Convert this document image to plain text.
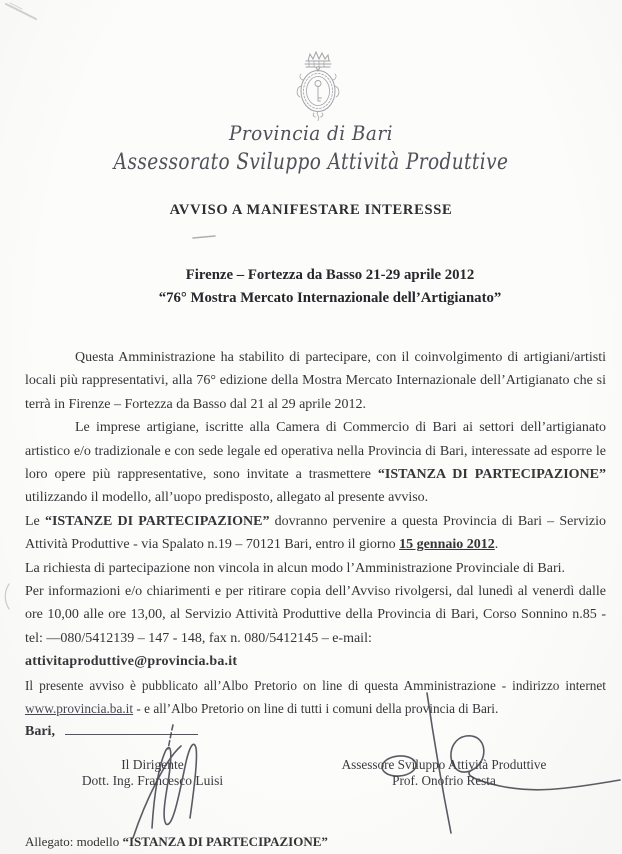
Provincia di Bari
Assessorato Sviluppo Attività Produttive
AVVISO A MANIFESTARE INTERESSE
Firenze – Fortezza da Basso 21-29 aprile 2012
“76° Mostra Mercato Internazionale dell’Artigianato”

Questa Amministrazione ha stabilito di partecipare, con il coinvolgimento di artigiani/artisti locali più rappresentativi, alla 76° edizione della Mostra Mercato Internazionale dell’Artigianato che si terrà in Firenze – Fortezza da Basso dal 21 al 29 aprile 2012.

Le imprese artigiane, iscritte alla Camera di Commercio di Bari ai settori dell’artigianato artistico e/o tradizionale e con sede legale ed operativa nella Provincia di Bari, interessate ad esporre le loro opere più rappresentative, sono invitate a trasmettere “ISTANZA DI PARTECIPAZIONE” utilizzando il modello, all’uopo predisposto, allegato al presente avviso.

Le “ISTANZE DI PARTECIPAZIONE” dovranno pervenire a questa Provincia di Bari – Servizio Attività Produttive - via Spalato n.19 – 70121 Bari, entro il giorno 15 gennaio 2012.

La richiesta di partecipazione non vincola in alcun modo l’Amministrazione Provinciale di Bari.

Per informazioni e/o chiarimenti e per ritirare copia dell’Avviso rivolgersi, dal lunedì al venerdì dalle ore 10,00 alle ore 13,00, al Servizio Attività Produttive della Provincia di Bari, Corso Sonnino n.85 - tel: ―080/5412139 – 147 - 148, fax n. 080/5412145 – e-mail:
attivitaproduttive@provincia.ba.it

Il presente avviso è pubblicato all’Albo Pretorio on line di questa Amministrazione - indirizzo internet www.provincia.ba.it - e all’Albo Pretorio on line di tutti i comuni della provincia di Bari.

Bari,

Il Dirigente
Dott. Ing. Francesco Luisi
Assessore Sviluppo Attività Produttive
Prof. Onofrio Resta
Allegato: modello “ISTANZA DI PARTECIPAZIONE”
